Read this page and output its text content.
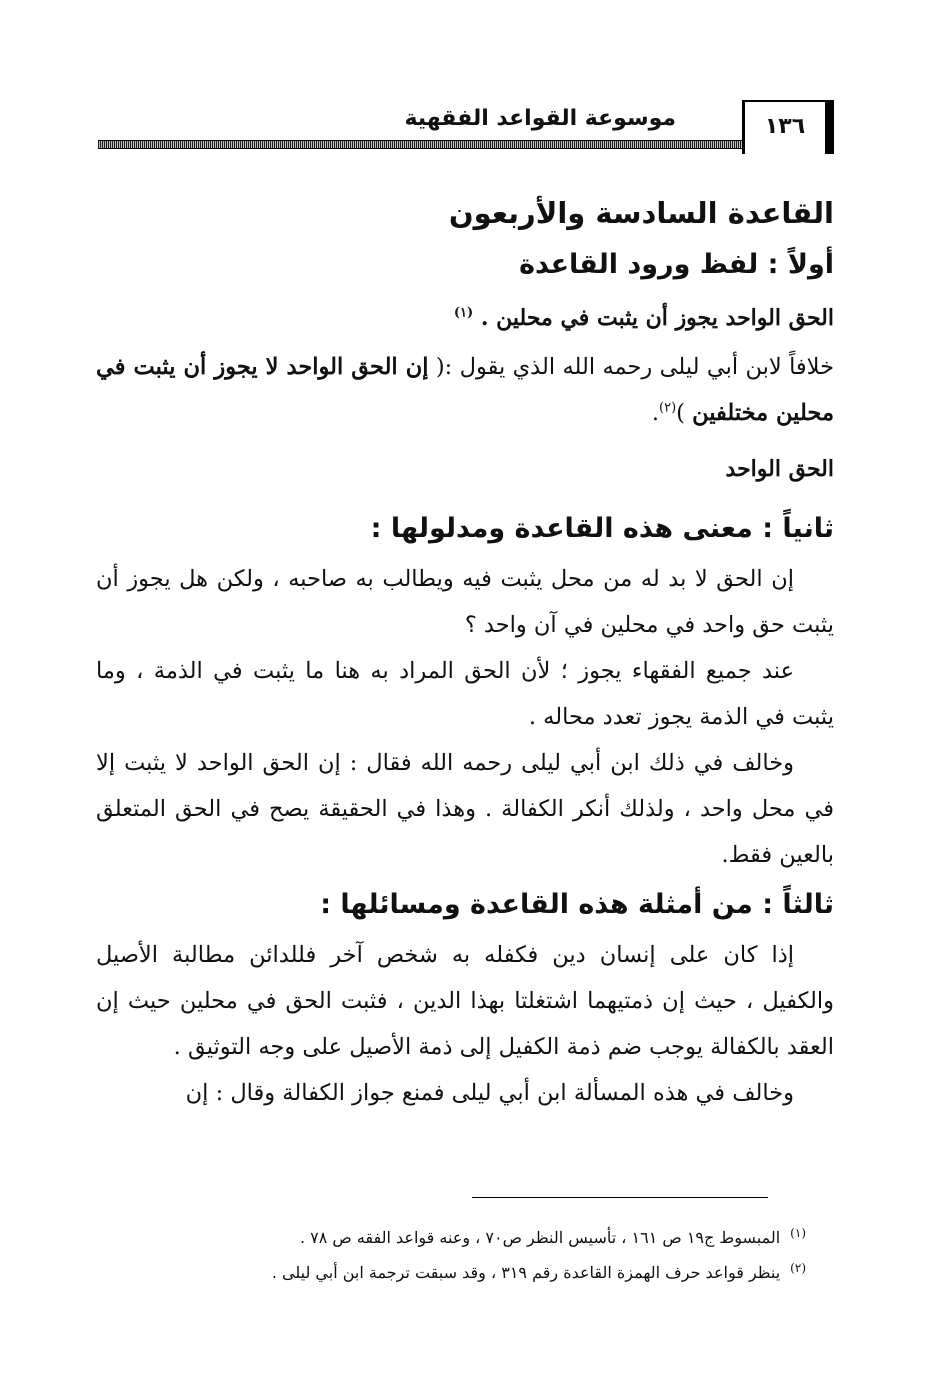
موسوعة القواعد الفقهية	١٣٦
القاعدة السادسة والأربعون
أولاً : لفظ ورود القاعدة

الحق الواحد يجوز أن يثبت في محلين . $^{(١)}$

خلافاً لابن أبي ليلى رحمه الله الذي يقول :( إن الحق الواحد لا يجوز أن يثبت في محلين مختلفين )$^{(٢)}$.

الحق الواحد

ثانياً : معنى هذه القاعدة ومدلولها :

إن الحق لا بد له من محل يثبت فيه ويطالب به صاحبه ، ولكن هل يجوز أن يثبت حق واحد في محلين في آن واحد ؟

عند جميع الفقهاء يجوز ؛ لأن الحق المراد به هنا ما يثبت في الذمة ، وما يثبت في الذمة يجوز تعدد محاله .

وخالف في ذلك ابن أبي ليلى رحمه الله فقال : إن الحق الواحد لا يثبت إلا في محل واحد ، ولذلك أنكر الكفالة . وهذا في الحقيقة يصح في الحق المتعلق بالعين فقط.

ثالثاً : من أمثلة هذه القاعدة ومسائلها :

إذا كان على إنسان دين فكفله به شخص آخر فللدائن مطالبة الأصيل والكفيل ، حيث إن ذمتيهما اشتغلتا بهذا الدين ، فثبت الحق في محلين حيث إن العقد بالكفالة يوجب ضم ذمة الكفيل إلى ذمة الأصيل على وجه التوثيق .

وخالف في هذه المسألة ابن أبي ليلى فمنع جواز الكفالة وقال : إن

$^{(١)}$المبسوط ج١٩ ص ١٦١ ، تأسيس النظر ص٧٠ ، وعنه قواعد الفقه ص ٧٨ .

$^{(٢)}$ينظر قواعد حرف الهمزة القاعدة رقم ٣١٩ ، وقد سبقت ترجمة ابن أبي ليلى .
